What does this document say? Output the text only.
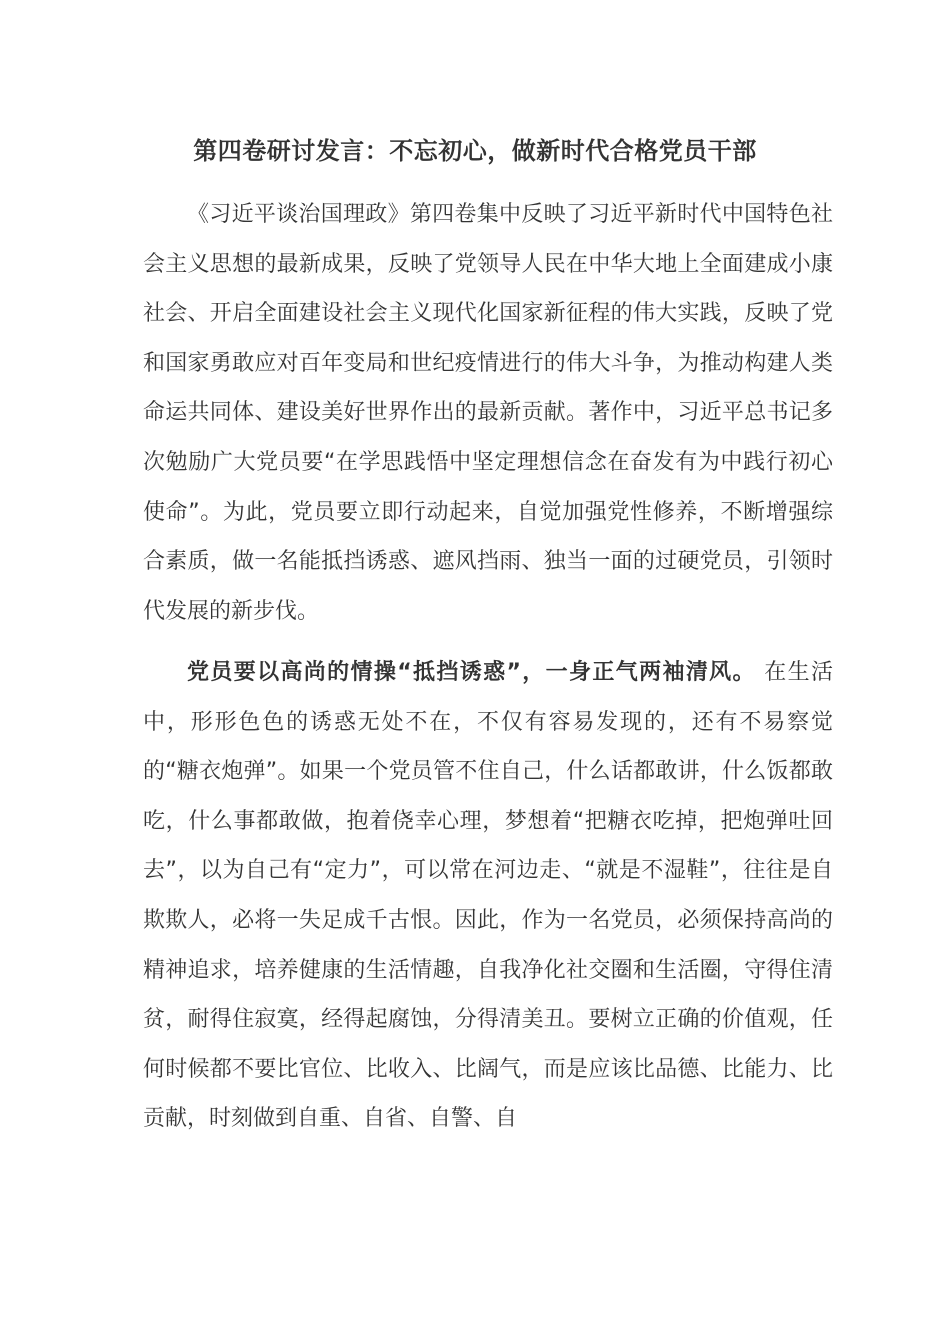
第四卷研讨发言：不忘初心，做新时代合格党员干部

《习近平谈治国理政》第四卷集中反映了习近平新时代中国特色社会主义思想的最新成果，反映了党领导人民在中华大地上全面建成小康社会、开启全面建设社会主义现代化国家新征程的伟大实践，反映了党和国家勇敢应对百年变局和世纪疫情进行的伟大斗争，为推动构建人类命运共同体、建设美好世界作出的最新贡献。著作中，习近平总书记多次勉励广大党员要“在学思践悟中坚定理想信念在奋发有为中践行初心使命”。为此，党员要立即行动起来，自觉加强党性修养，不断增强综合素质，做一名能抵挡诱惑、遮风挡雨、独当一面的过硬党员，引领时代发展的新步伐。

党员要以高尚的情操“抵挡诱惑”，一身正气两袖清风。 在生活中，形形色色的诱惑无处不在，不仅有容易发现的，还有不易察觉的“糖衣炮弹”。如果一个党员管不住自己，什么话都敢讲，什么饭都敢吃，什么事都敢做，抱着侥幸心理，梦想着“把糖衣吃掉，把炮弹吐回去”，以为自己有“定力”，可以常在河边走、“就是不湿鞋”，往往是自欺欺人，必将一失足成千古恨。因此，作为一名党员，必须保持高尚的精神追求，培养健康的生活情趣，自我净化社交圈和生活圈，守得住清贫，耐得住寂寞，经得起腐蚀，分得清美丑。要树立正确的价值观，任何时候都不要比官位、比收入、比阔气，而是应该比品德、比能力、比贡献，时刻做到自重、自省、自警、自
